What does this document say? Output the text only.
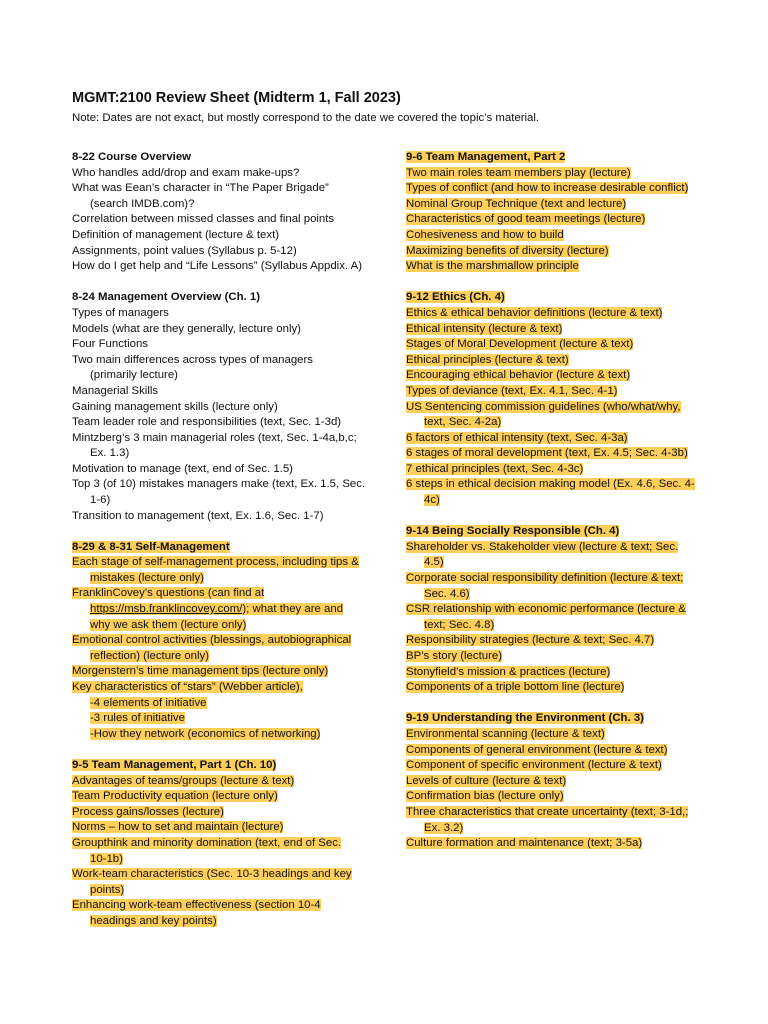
MGMT:2100 Review Sheet (Midterm 1, Fall 2023)
Note: Dates are not exact, but mostly correspond to the date we covered the topic’s material.
8-22 Course Overview
Who handles add/drop and exam make-ups?
What was Eean’s character in “The Paper Brigade”
(search IMDB.com)?
Correlation between missed classes and final points
Definition of management (lecture & text)
Assignments, point values (Syllabus p. 5-12)
How do I get help and “Life Lessons” (Syllabus Appdix. A)
8-24 Management Overview (Ch. 1)
Types of managers
Models (what are they generally, lecture only)
Four Functions
Two main differences across types of managers
(primarily lecture)
Managerial Skills
Gaining management skills (lecture only)
Team leader role and responsibilities (text, Sec. 1-3d)
Mintzberg’s 3 main managerial roles (text, Sec. 1-4a,b,c;
Ex. 1.3)
Motivation to manage (text, end of Sec. 1.5)
Top 3 (of 10) mistakes managers make (text, Ex. 1.5, Sec.
1-6)
Transition to management (text, Ex. 1.6, Sec. 1-7)
8-29 & 8-31 Self-Management
Each stage of self-management process, including tips &
mistakes (lecture only)
FranklinCovey’s questions (can find at
https://msb.franklincovey.com/); what they are and
why we ask them (lecture only)
Emotional control activities (blessings, autobiographical
reflection) (lecture only)
Morgenstern’s time management tips (lecture only)
Key characteristics of “stars” (Webber article),
-4 elements of initiative
-3 rules of initiative
-How they network (economics of networking)
9-5 Team Management, Part 1 (Ch. 10)
Advantages of teams/groups (lecture & text)
Team Productivity equation (lecture only)
Process gains/losses (lecture)
Norms – how to set and maintain (lecture)
Groupthink and minority domination (text, end of Sec.
10-1b)
Work-team characteristics (Sec. 10-3 headings and key
points)
Enhancing work-team effectiveness (section 10-4
headings and key points)
9-6 Team Management, Part 2
Two main roles team members play (lecture)
Types of conflict (and how to increase desirable conflict)
Nominal Group Technique (text and lecture)
Characteristics of good team meetings (lecture)
Cohesiveness and how to build
Maximizing benefits of diversity (lecture)
What is the marshmallow principle
9-12 Ethics (Ch. 4)
Ethics & ethical behavior definitions (lecture & text)
Ethical intensity (lecture & text)
Stages of Moral Development (lecture & text)
Ethical principles (lecture & text)
Encouraging ethical behavior (lecture & text)
Types of deviance (text, Ex. 4.1, Sec. 4-1)
US Sentencing commission guidelines (who/what/why,
text, Sec. 4-2a)
6 factors of ethical intensity (text, Sec. 4-3a)
6 stages of moral development (text, Ex. 4.5; Sec. 4-3b)
7 ethical principles (text, Sec. 4-3c)
6 steps in ethical decision making model (Ex. 4.6, Sec. 4-
4c)
9-14 Being Socially Responsible (Ch. 4)
Shareholder vs. Stakeholder view (lecture & text; Sec.
4.5)
Corporate social responsibility definition (lecture & text;
Sec. 4.6)
CSR relationship with economic performance (lecture &
text; Sec. 4.8)
Responsibility strategies (lecture & text; Sec. 4.7)
BP’s story (lecture)
Stonyfield’s mission & practices (lecture)
Components of a triple bottom line (lecture)
9-19 Understanding the Environment (Ch. 3)
Environmental scanning (lecture & text)
Components of general environment (lecture & text)
Component of specific environment (lecture & text)
Levels of culture (lecture & text)
Confirmation bias (lecture only)
Three characteristics that create uncertainty (text; 3-1d,;
Ex. 3.2)
Culture formation and maintenance (text; 3-5a)
